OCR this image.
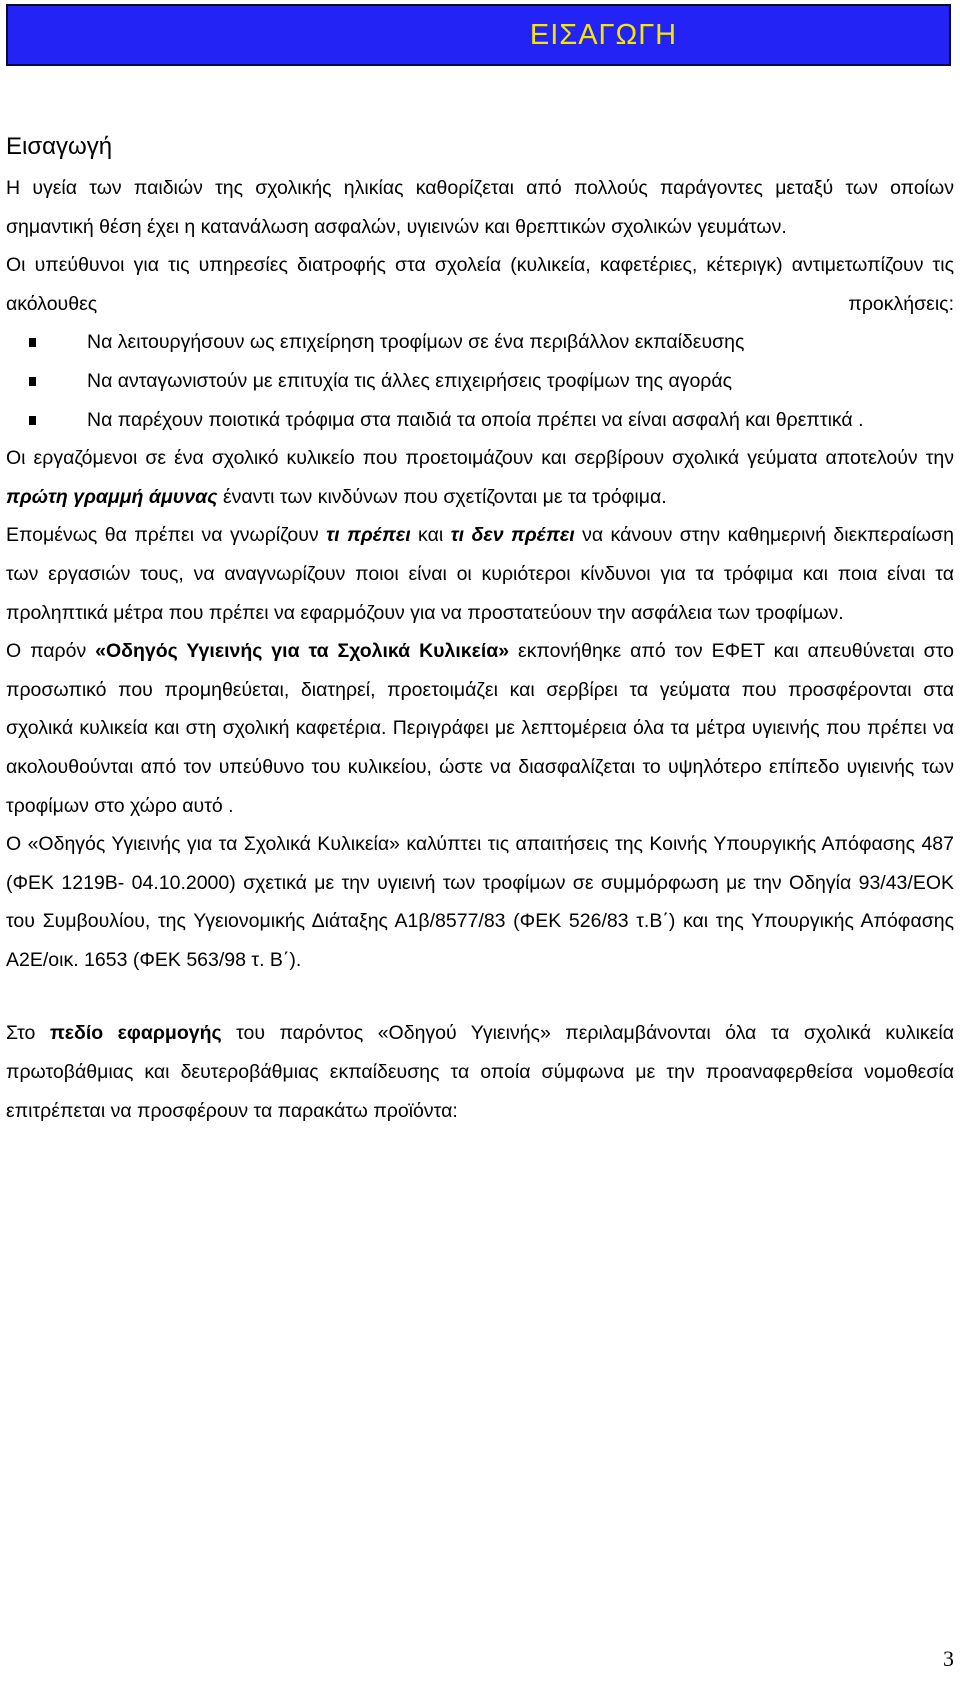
ΕΙΣΑΓΩΓΗ
Εισαγωγή

Η υγεία των παιδιών της σχολικής ηλικίας καθορίζεται από πολλούς παράγοντες μεταξύ των οποίων σημαντική θέση έχει η κατανάλωση ασφαλών, υγιεινών και θρεπτικών σχολικών γευμάτων.

Οι υπεύθυνοι για τις υπηρεσίες διατροφής στα σχολεία (κυλικεία, καφετέριες, κέτεριγκ) αντιμετωπίζουν τις ακόλουθες προκλήσεις:

Να λειτουργήσουν ως επιχείρηση τροφίμων σε ένα περιβάλλον εκπαίδευσης
Να ανταγωνιστούν με επιτυχία τις άλλες επιχειρήσεις τροφίμων της αγοράς
Να παρέχουν ποιοτικά τρόφιμα στα παιδιά τα οποία πρέπει να είναι ασφαλή και θρεπτικά .

Οι εργαζόμενοι σε ένα σχολικό κυλικείο που προετοιμάζουν και σερβίρουν σχολικά γεύματα αποτελούν την πρώτη γραμμή άμυνας έναντι των κινδύνων που σχετίζονται με τα τρόφιμα.

Επομένως θα πρέπει να γνωρίζουν τι πρέπει και τι δεν πρέπει να κάνουν στην καθημερινή διεκπεραίωση των εργασιών τους, να αναγνωρίζουν ποιοι είναι οι κυριότεροι κίνδυνοι για τα τρόφιμα και ποια είναι τα προληπτικά μέτρα που πρέπει να εφαρμόζουν για να προστατεύουν την ασφάλεια των τροφίμων.

Ο παρόν «Οδηγός Υγιεινής για τα Σχολικά Κυλικεία» εκπονήθηκε από τον ΕΦΕΤ και απευθύνεται στο προσωπικό που προμηθεύεται, διατηρεί, προετοιμάζει και σερβίρει τα γεύματα που προσφέρονται στα σχολικά κυλικεία και στη σχολική καφετέρια. Περιγράφει με λεπτομέρεια όλα τα μέτρα υγιεινής που πρέπει να ακολουθούνται από τον υπεύθυνο του κυλικείου, ώστε να διασφαλίζεται το υψηλότερο επίπεδο υγιεινής των τροφίμων στο χώρο αυτό .

Ο «Οδηγός Υγιεινής για τα Σχολικά Κυλικεία» καλύπτει τις απαιτήσεις της Κοινής Υπουργικής Απόφασης 487 (ΦΕΚ 1219Β- 04.10.2000) σχετικά με την υγιεινή των τροφίμων σε συμμόρφωση με την Οδηγία 93/43/ΕΟΚ του Συμβουλίου, της Υγειονομικής Διάταξης Α1β/8577/83 (ΦΕΚ 526/83 τ.Β΄) και της Υπουργικής Απόφασης Α2Ε/οικ. 1653 (ΦΕΚ 563/98 τ. Β΄).

Στο πεδίο εφαρμογής του παρόντος «Οδηγού Υγιεινής» περιλαμβάνονται όλα τα σχολικά κυλικεία πρωτοβάθμιας και δευτεροβάθμιας εκπαίδευσης τα οποία σύμφωνα με την προαναφερθείσα νομοθεσία επιτρέπεται να προσφέρουν τα παρακάτω προϊόντα:

3
